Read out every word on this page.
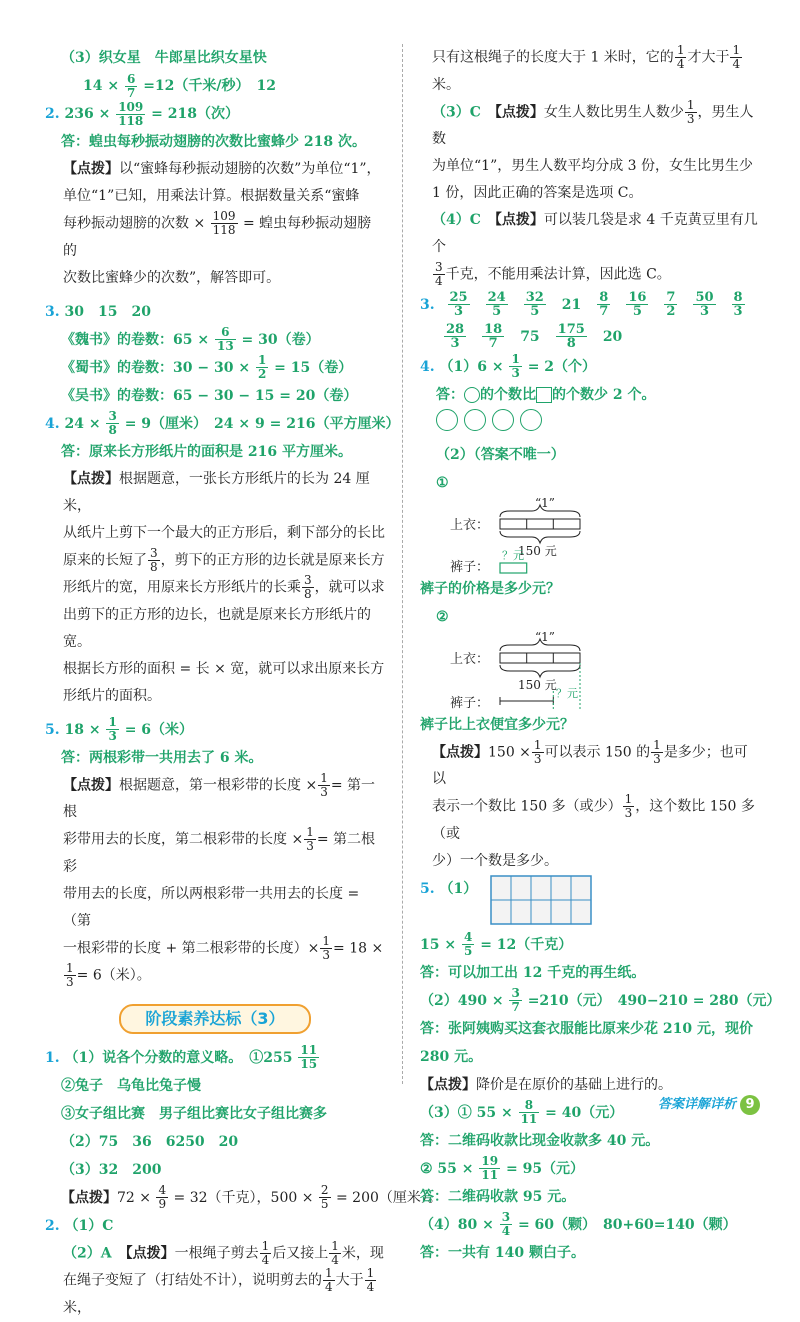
（3）织女星　牛郎星比织女星快
$14 \times \frac{6}{7} =12$（千米/秒）　12
2. $236 \times \frac{109}{118} = 218$（次）
答：蝗虫每秒振动翅膀的次数比蜜蜂少 218 次。
【点拨】以“蜜蜂每秒振动翅膀的次数”为单位“1”，
单位“1”已知，用乘法计算。根据数量关系“蜜蜂
每秒振动翅膀的次数 × $\frac{109}{118}$ = 蝗虫每秒振动翅膀的
次数比蜜蜂少的次数”，解答即可。
3. 30　15　20
《魏书》的卷数：$65 \times \frac{6}{13} = 30$（卷）
《蜀书》的卷数：$30 - 30 \times \frac{1}{2} = 15$（卷）
《吴书》的卷数：65 − 30 − 15 = 20（卷）
4. $24 \times \frac{3}{8} = 9$（厘米）　24 × 9 = 216（平方厘米）
答：原来长方形纸片的面积是 216 平方厘米。
【点拨】根据题意，一张长方形纸片的长为 24 厘米，
从纸片上剪下一个最大的正方形后，剩下部分的长比
原来的长短了 $\frac{3}{8}$ ，剪下的正方形的边长就是原来长方
形纸片的宽，用原来长方形纸片的长乘 $\frac{3}{8}$ ，就可以求
出剪下的正方形的边长，也就是原来长方形纸片的宽。
根据长方形的面积 = 长 × 宽，就可以求出原来长方
形纸片的面积。
5. $18 \times \frac{1}{3} = 6$（米）
答：两根彩带一共用去了 6 米。
【点拨】根据题意，第一根彩带的长度 × $\frac{1}{3}$ = 第一根
彩带用去的长度，第二根彩带的长度 × $\frac{1}{3}$ = 第二根彩
带用去的长度，所以两根彩带一共用去的长度 =（第
一根彩带的长度 + 第二根彩带的长度）× $\frac{1}{3} = 18$ ×

$\frac{1}{3} = 6$（米）。
阶段素养达标（3）
1. （1）说各个分数的意义略。　①255 $\frac{11}{15}$
②兔子　乌龟比兔子慢
③女子组比赛　男子组比赛比女子组比赛多
（2）75　36　6250　20
（3）32　200
【点拨】$72 \times \frac{4}{9} = 32$（千克），$500 \times \frac{2}{5} = 200$（厘米）。
2. （1）C
（2）A　【点拨】一根绳子剪去 $\frac{1}{4}$ 后又接上 $\frac{1}{4}$ 米，现
在绳子变短了（打结处不计），说明剪去的 $\frac{1}{4}$ 大于 $\frac{1}{4}$
米，
只有这根绳子的长度大于 1 米时，它的 $\frac{1}{4}$ 才大于 $\frac{1}{4}$
米。
（3）C　【点拨】女生人数比男生人数少 $\frac{1}{3}$ ，男生人数
为单位“1”，男生人数平均分成 3 份，女生比男生少
1 份，因此正确的答案是选项 C。
（4）C　【点拨】可以装几袋是求 4 千克黄豆里有几个

$\frac{3}{4}$ 千克，不能用乘法计算，因此选 C。
3. $\frac{25}{3} \frac{24}{5} \frac{32}{5} 21 \frac{8}{7} \frac{16}{5} \frac{7}{2} \frac{50}{3} \frac{8}{3}$
$\frac{28}{3} \frac{18}{7} 75 \frac{175}{8} 20$
4. $(1)6 \times \frac{1}{3} = 2$（个）
答： 的个数比 的个数少 2 个。
（2）（答案不唯一）
①
“1”
上衣：
150 元
裤子：
？元
裤子的价格是多少元？
②
“1”
上衣：
150 元
裤子：
？元
裤子比上衣便宜多少元？
【点拨】$150 \times \frac{1}{3}$ 可以表示 150 的 $\frac{1}{3}$ 是多少；也可以
表示一个数比 150 多（或少） $\frac{1}{3}$ ，这个数比 150 多（或
少）一个数是多少。
5. （1）
$15 \times \frac{4}{5} = 12$（千克）
答：可以加工出 12 千克的再生纸。
$(2)490 \times \frac{3}{7} =210$（元）　490−210 = 280（元）
答：张阿姨购买这套衣服能比原来少花 210 元，现价
280 元。
【点拨】降价是在原价的基础上进行的。
（3）① $55 \times \frac{8}{11} = 40$（元）
答：二维码收款比现金收款多 40 元。
② $55 \times \frac{19}{11} = 95$（元）
答：二维码收款 95 元。
$(4)80 \times \frac{3}{4} = 60$（颗）　80+60=140（颗）
答：一共有 140 颗白子。
答案详解详析 9
